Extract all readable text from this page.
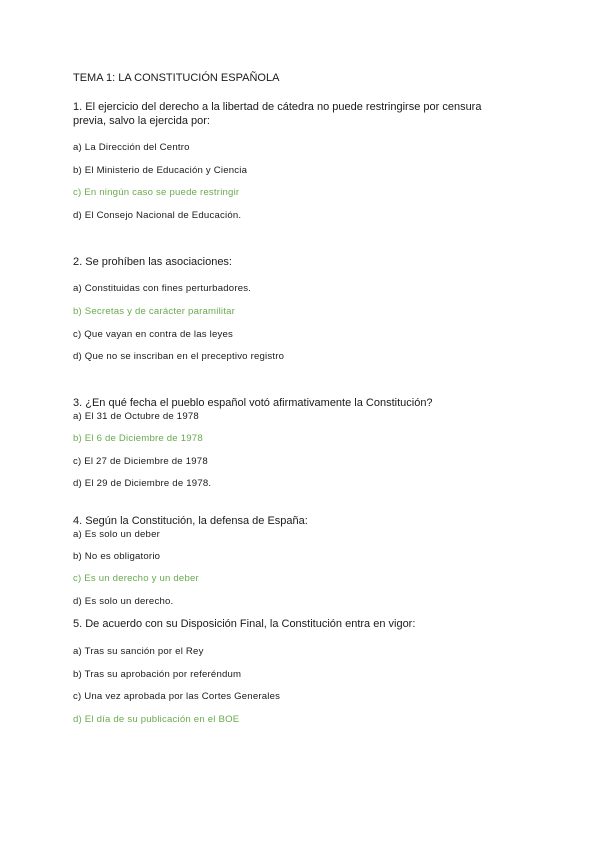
TEMA 1: LA CONSTITUCIÓN ESPAÑOLA
1. El ejercicio del derecho a la libertad de cátedra no puede restringirse por censura
previa, salvo la ejercida por:
a) La Dirección del Centro
b) El Ministerio de Educación y Ciencia
c) En ningún caso se puede restringir
d) El Consejo Nacional de Educación.
2. Se prohíben las asociaciones:
a) Constituidas con fines perturbadores.
b) Secretas y de carácter paramilitar
c) Que vayan en contra de las leyes
d) Que no se inscriban en el preceptivo registro
3. ¿En qué fecha el pueblo español votó afirmativamente la Constitución?
a) El 31 de Octubre de 1978
b) El 6 de Diciembre de 1978
c) El 27 de Diciembre de 1978
d) El 29 de Diciembre de 1978.
4. Según la Constitución, la defensa de España:
a) Es solo un deber
b) No es obligatorio
c) Es un derecho y un deber
d) Es solo un derecho.
5. De acuerdo con su Disposición Final, la Constitución entra en vigor:
a) Tras su sanción por el Rey
b) Tras su aprobación por referéndum
c) Una vez aprobada por las Cortes Generales
d) El día de su publicación en el BOE
